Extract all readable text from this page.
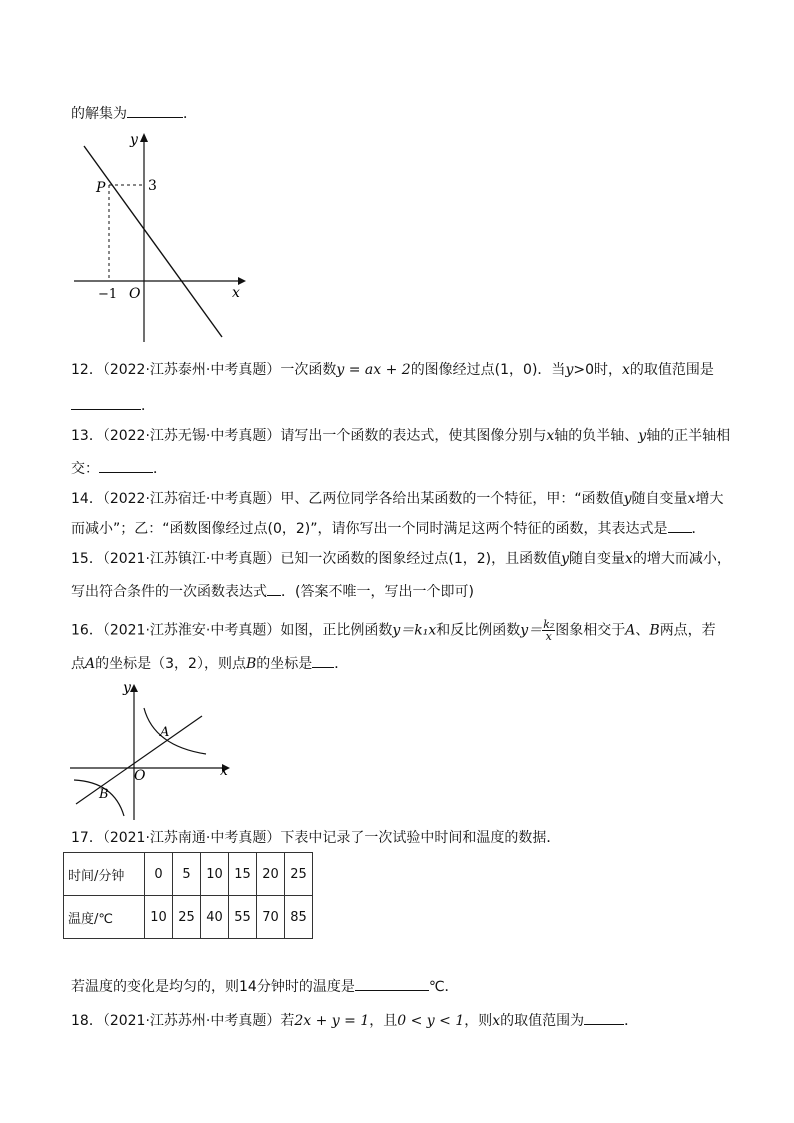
的解集为	．
y
x
P	3
−1 O
12．（2022·江苏泰州·中考真题）一次函数y = ax + 2的图像经过点(1，0)．当y>0时，x的取值范围是
．
13．（2022·江苏无锡·中考真题）请写出一个函数的表达式，使其图像分别与x轴的负半轴、y轴的正半轴相
交：	．
14．（2022·江苏宿迁·中考真题）甲、乙两位同学各给出某函数的一个特征，甲：“函数值y随自变量x增大
而减小”；乙：“函数图像经过点(0，2)”，请你写出一个同时满足这两个特征的函数，其表达式是 ．
15．（2021·江苏镇江·中考真题）已知一次函数的图象经过点(1，2)，且函数值y随自变量x的增大而减小，
写出符合条件的一次函数表达式 ．(答案不唯一，写出一个即可)
16．（2021·江苏淮安·中考真题）如图，正比例函数y＝k₁x和反比例函数$y= \frac{\text{k₂}}{x}$ 图象相交于A、B两点，若
点A的坐标是（3，2），则点B的坐标是 ．
y
x
O
A
B
17．（2021·江苏南通·中考真题）下表中记录了一次试验中时间和温度的数据．
时间/分钟	0	5	10	15	20	25
温度/℃	10	25	40	55	70	85
若温度的变化是均匀的，则14分钟时的温度是	℃．
18．（2021·江苏苏州·中考真题）若2x + y = 1，且0 < y < 1，则x的取值范围为	．
